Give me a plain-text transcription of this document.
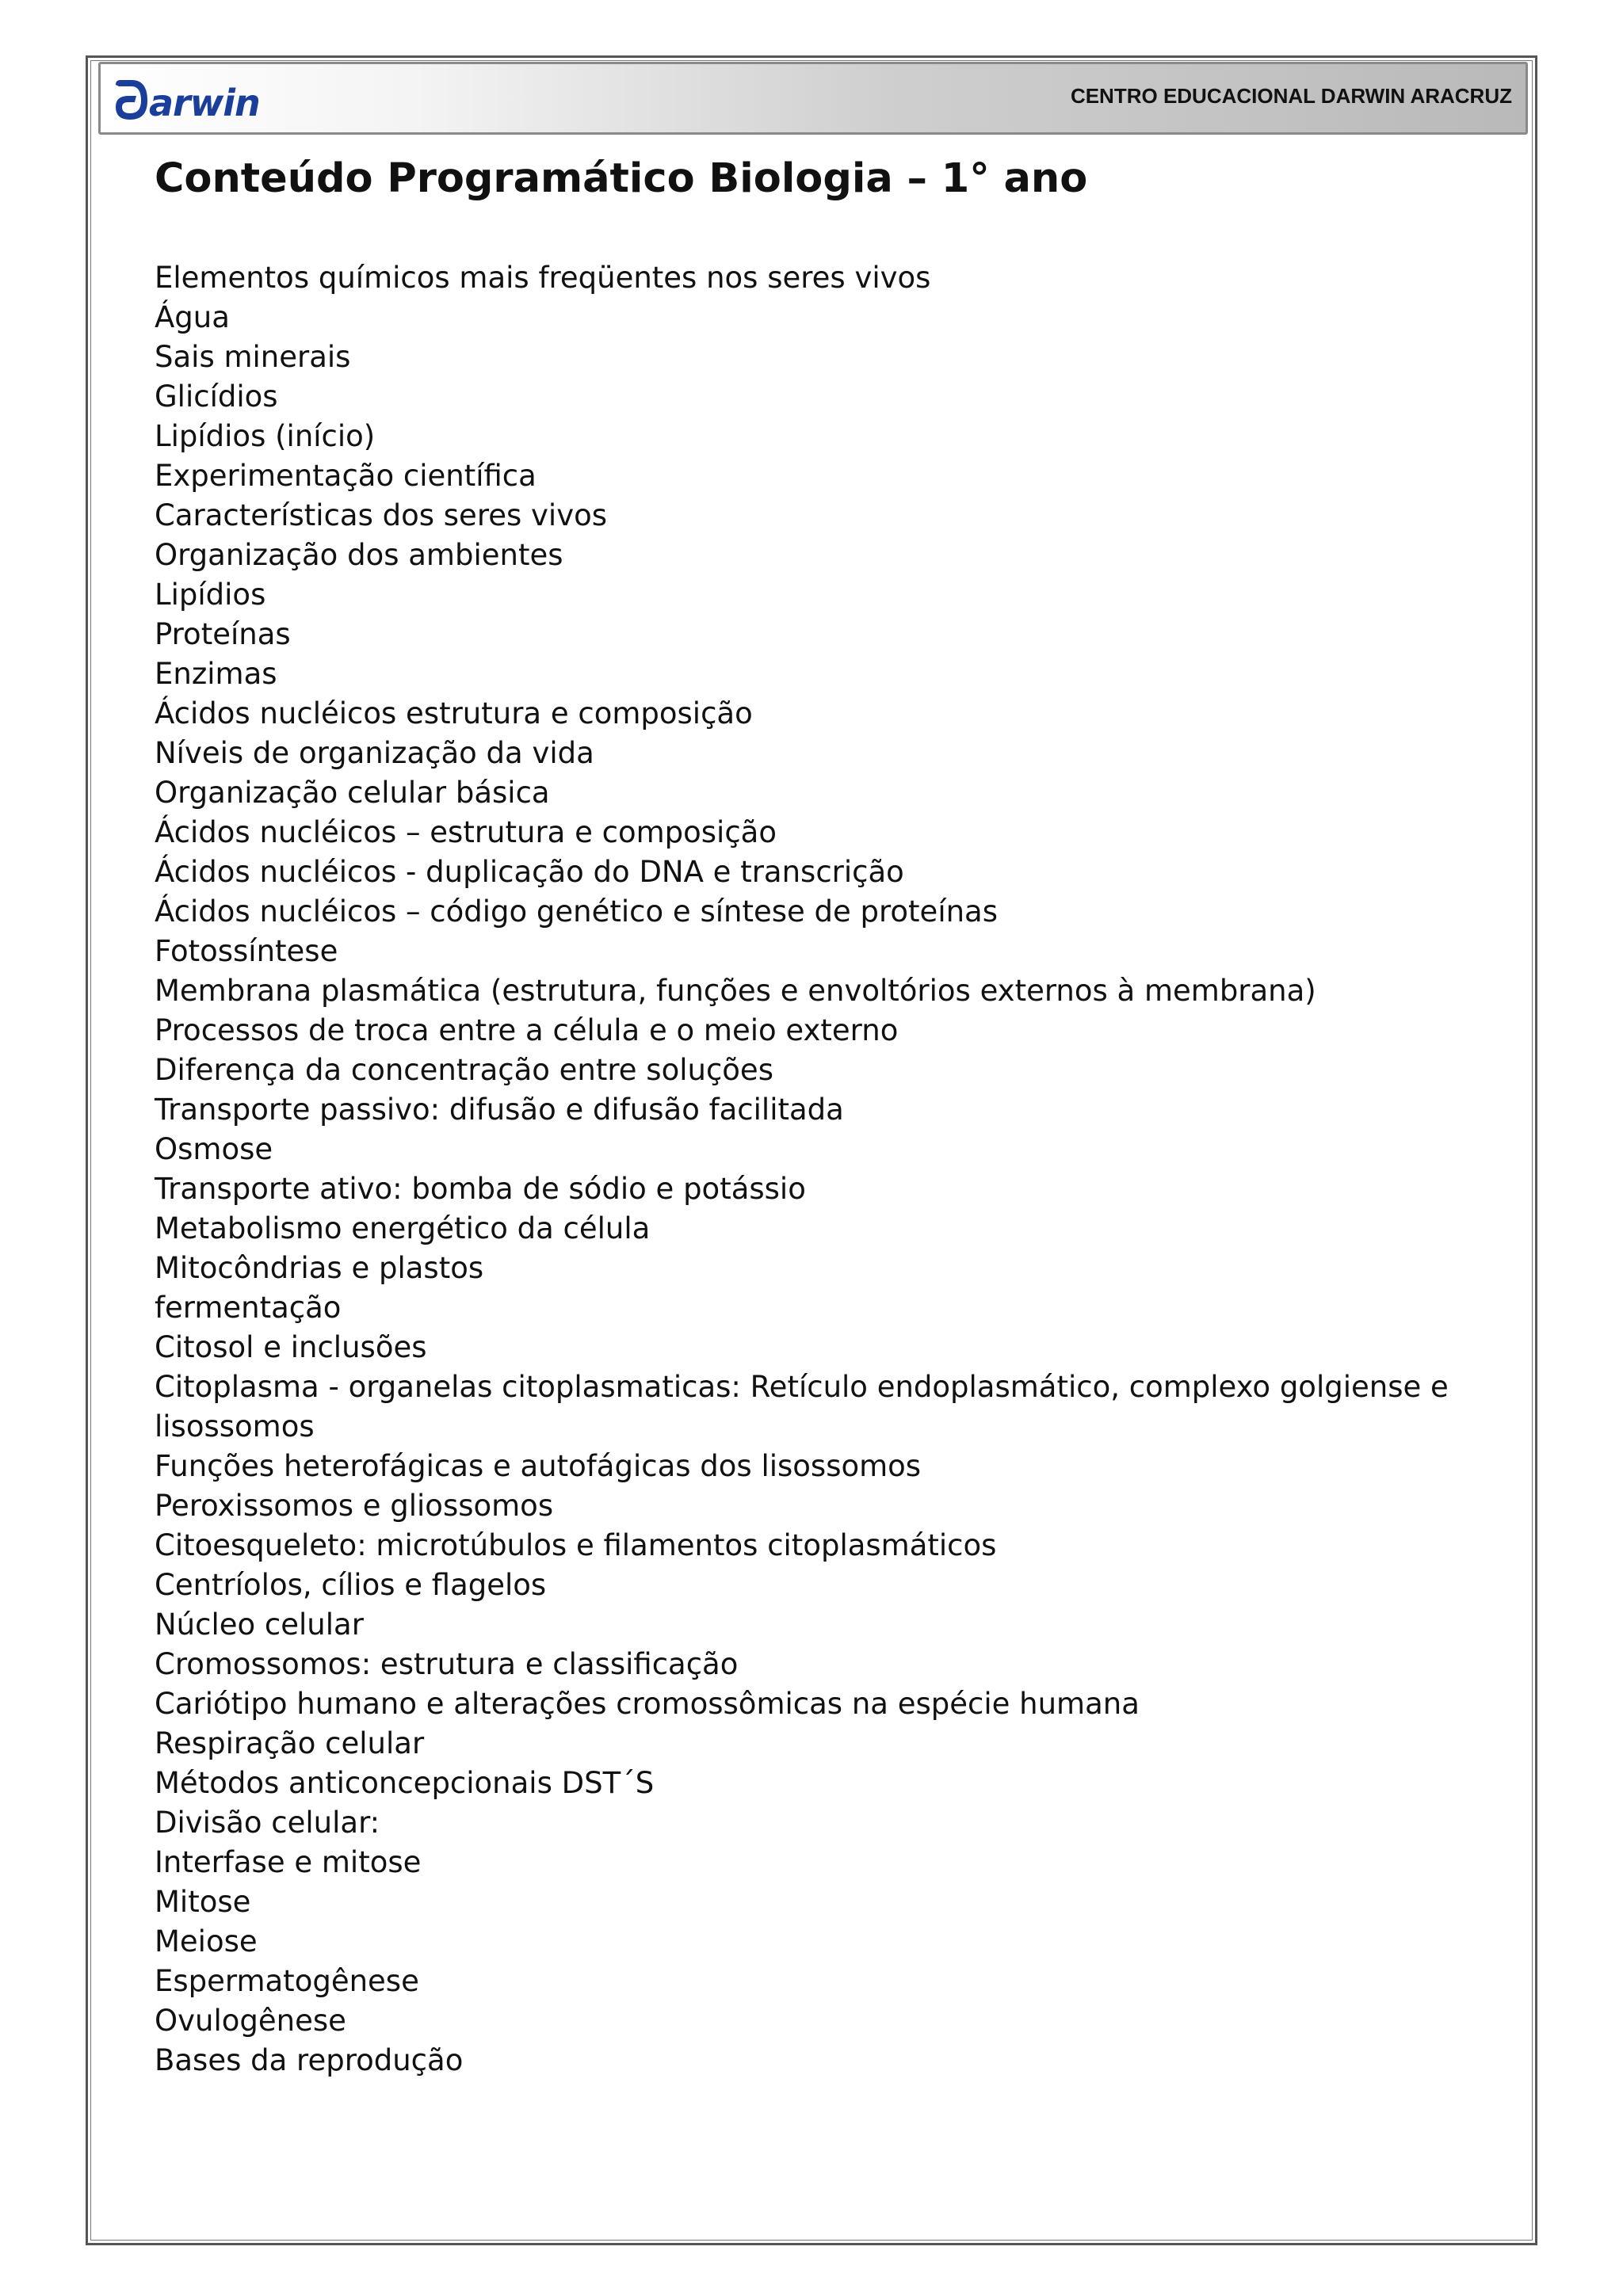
arwin	CENTRO EDUCACIONAL DARWIN ARACRUZ
Conteúdo Programático Biologia – 1° ano
Elementos químicos mais freqüentes nos seres vivos
Água
Sais minerais
Glicídios
Lipídios (início)
Experimentação científica
Características dos seres vivos
Organização dos ambientes
Lipídios
Proteínas
Enzimas
Ácidos nucléicos estrutura e composição
Níveis de organização da vida
Organização celular básica
Ácidos nucléicos – estrutura e composição
Ácidos nucléicos - duplicação do DNA e transcrição
Ácidos nucléicos – código genético e síntese de proteínas
Fotossíntese
Membrana plasmática (estrutura, funções e envoltórios externos à membrana)
Processos de troca entre a célula e o meio externo
Diferença da concentração entre soluções
Transporte passivo: difusão e difusão facilitada
Osmose
Transporte ativo: bomba de sódio e potássio
Metabolismo energético da célula
Mitocôndrias e plastos
fermentação
Citosol e inclusões
Citoplasma - organelas citoplasmaticas: Retículo endoplasmático, complexo golgiense e lisossomos
Funções heterofágicas e autofágicas dos lisossomos
Peroxissomos e gliossomos
Citoesqueleto: microtúbulos e filamentos citoplasmáticos
Centríolos, cílios e flagelos
Núcleo celular
Cromossomos: estrutura e classificação
Cariótipo humano e alterações cromossômicas na espécie humana
Respiração celular
Métodos anticoncepcionais DST´S
Divisão celular:
Interfase e mitose
Mitose
Meiose
Espermatogênese
Ovulogênese
Bases da reprodução
